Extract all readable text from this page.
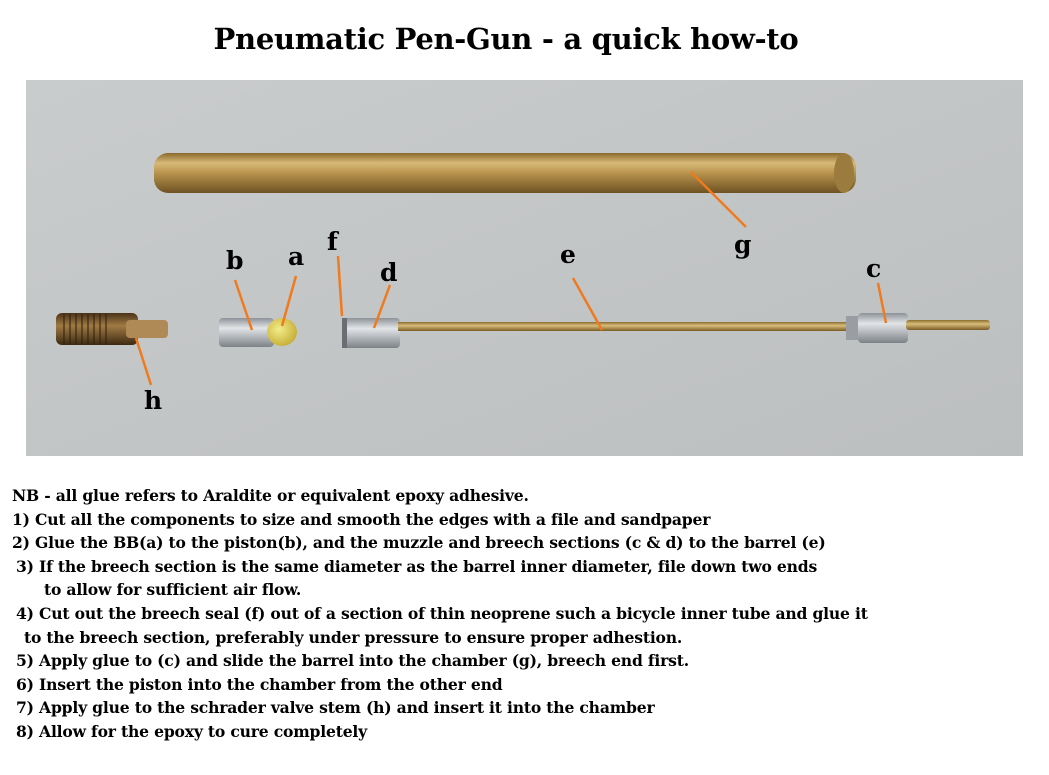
Pneumatic Pen-Gun - a quick how-to
b a
f
d
e	g
c
h
NB - all glue refers to Araldite or equivalent epoxy adhesive.
1) Cut all the components to size and smooth the edges with a file and sandpaper
2) Glue the BB(a) to the piston(b), and the muzzle and breech sections (c & d) to the barrel (e)
3) If the breech section is the same diameter as the barrel inner diameter, file down two ends
to allow for sufficient air flow.
4) Cut out the breech seal (f) out of a section of thin neoprene such a bicycle inner tube and glue it
to the breech section, preferably under pressure to ensure proper adhestion.
5) Apply glue to (c) and slide the barrel into the chamber (g), breech end first.
6) Insert the piston into the chamber from the other end
7) Apply glue to the schrader valve stem (h) and insert it into the chamber
8) Allow for the epoxy to cure completely
